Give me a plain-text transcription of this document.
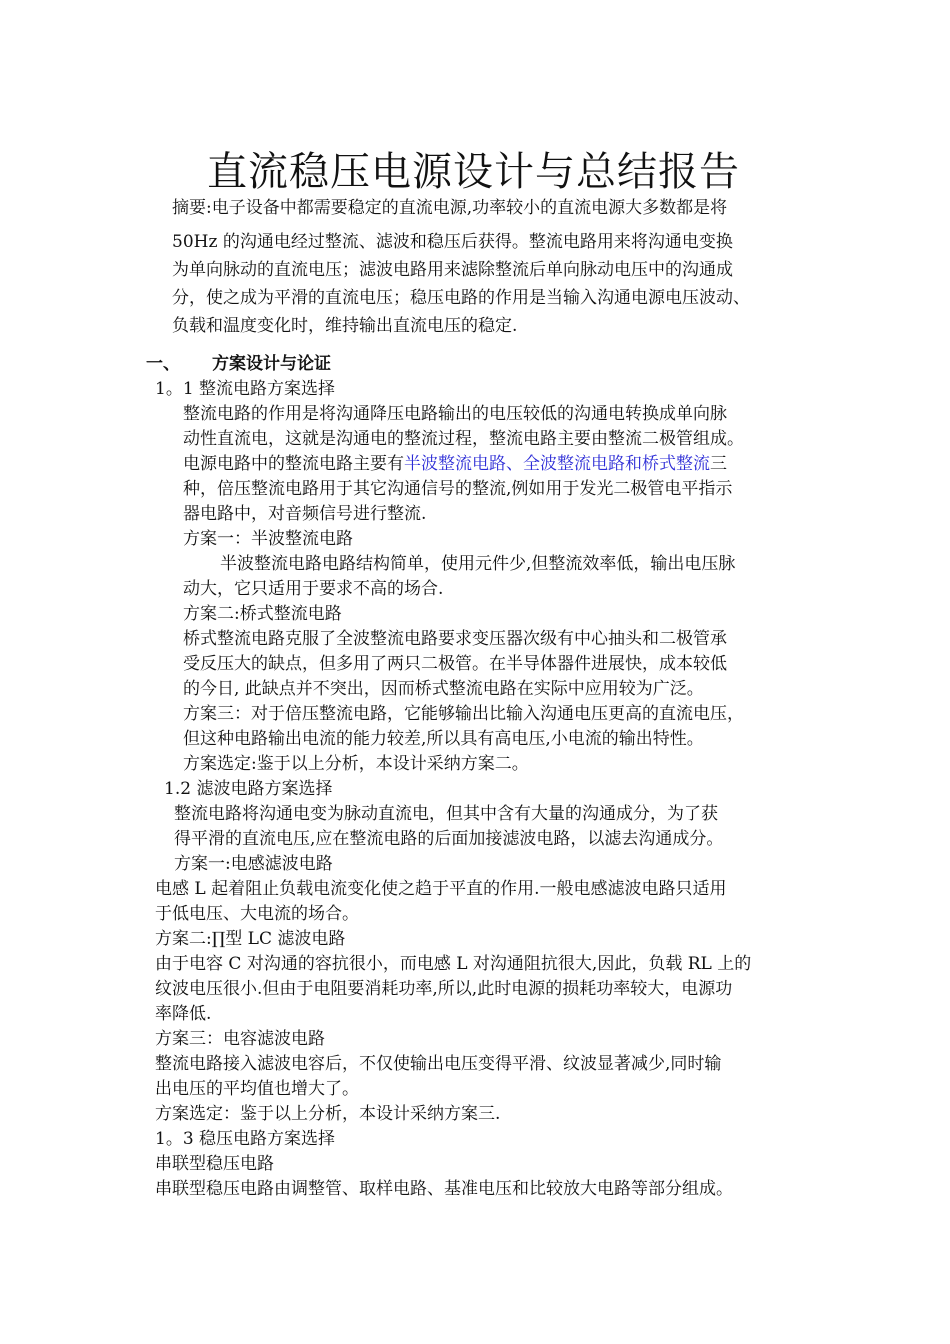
直流稳压电源设计与总结报告
摘要:电子设备中都需要稳定的直流电源,功率较小的直流电源大多数都是将
50Hz 的沟通电经过整流、滤波和稳压后获得。整流电路用来将沟通电变换
为单向脉动的直流电压；滤波电路用来滤除整流后单向脉动电压中的沟通成
分，使之成为平滑的直流电压；稳压电路的作用是当输入沟通电源电压波动、
负载和温度变化时，维持输出直流电压的稳定.
一、 方案设计与论证
1。1 整流电路方案选择
整流电路的作用是将沟通降压电路输出的电压较低的沟通电转换成单向脉
动性直流电，这就是沟通电的整流过程，整流电路主要由整流二极管组成。
电源电路中的整流电路主要有半波整流电路、全波整流电路和桥式整流三
种，倍压整流电路用于其它沟通信号的整流,例如用于发光二极管电平指示
器电路中，对音频信号进行整流.
方案一：半波整流电路
半波整流电路电路结构简单，使用元件少,但整流效率低，输出电压脉
动大，它只适用于要求不高的场合.
方案二:桥式整流电路
桥式整流电路克服了全波整流电路要求变压器次级有中心抽头和二极管承
受反压大的缺点，但多用了两只二极管。在半导体器件进展快，成本较低
的今日, 此缺点并不突出，因而桥式整流电路在实际中应用较为广泛。
方案三：对于倍压整流电路，它能够输出比输入沟通电压更高的直流电压，
但这种电路输出电流的能力较差,所以具有高电压,小电流的输出特性。
方案选定:鉴于以上分析，本设计采纳方案二。
1.2 滤波电路方案选择
整流电路将沟通电变为脉动直流电，但其中含有大量的沟通成分，为了获
得平滑的直流电压,应在整流电路的后面加接滤波电路，以滤去沟通成分。
方案一:电感滤波电路
电感 L 起着阻止负载电流变化使之趋于平直的作用.一般电感滤波电路只适用
于低电压、大电流的场合。
方案二:∏型 LC 滤波电路
由于电容 C 对沟通的容抗很小，而电感 L 对沟通阻抗很大,因此，负载 RL 上的
纹波电压很小.但由于电阻要消耗功率,所以,此时电源的损耗功率较大，电源功
率降低.
方案三：电容滤波电路
整流电路接入滤波电容后，不仅使输出电压变得平滑、纹波显著减少,同时输
出电压的平均值也增大了。
方案选定：鉴于以上分析，本设计采纳方案三.
1。3 稳压电路方案选择
串联型稳压电路
串联型稳压电路由调整管、取样电路、基准电压和比较放大电路等部分组成。
